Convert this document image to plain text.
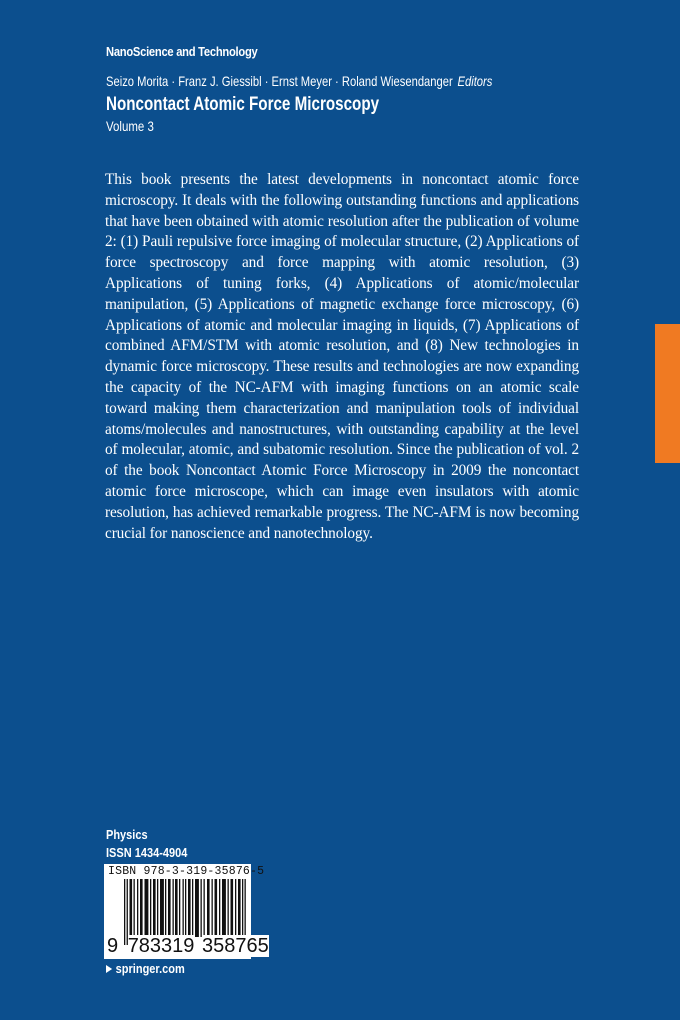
NanoScience and Technology
Seizo Morita · Franz J. Giessibl · Ernst Meyer · Roland Wiesendanger Editors
Noncontact Atomic Force Microscopy
Volume 3
This book presents the latest developments in noncontact atomic force microscopy. It deals with the following outstanding functions and applications that have been obtained with atomic resolution after the publication of volume 2: (1) Pauli repulsive force imaging of molecular structure, (2) Applications of force spectroscopy and force mapping with atomic resolution, (3) Applications of tuning forks, (4) Applications of atomic/molecular manipulation, (5) Applications of magnetic exchange force microscopy, (6) Applications of atomic and molecular imaging in liquids, (7) Applications of combined AFM/STM with atomic resolution, and (8) New technologies in dynamic force microscopy. These results and technologies are now expanding the capacity of the NC-AFM with imaging functions on an atomic scale toward making them characterization and manipulation tools of individual atoms/molecules and nanostructures, with outstanding capability at the level of molecular, atomic, and subatomic resolution. Since the publication of vol. 2 of the book Noncontact Atomic Force Microscopy in 2009 the noncontact atomic force microscope, which can image even insulators with atomic resolution, has achieved remarkable progress. The NC-AFM is now becoming crucial for nanoscience and nanotechnology.
Physics
ISSN 1434-4904
ISBN 978-3-319-35876-5
9 783319 358765
springer.com
